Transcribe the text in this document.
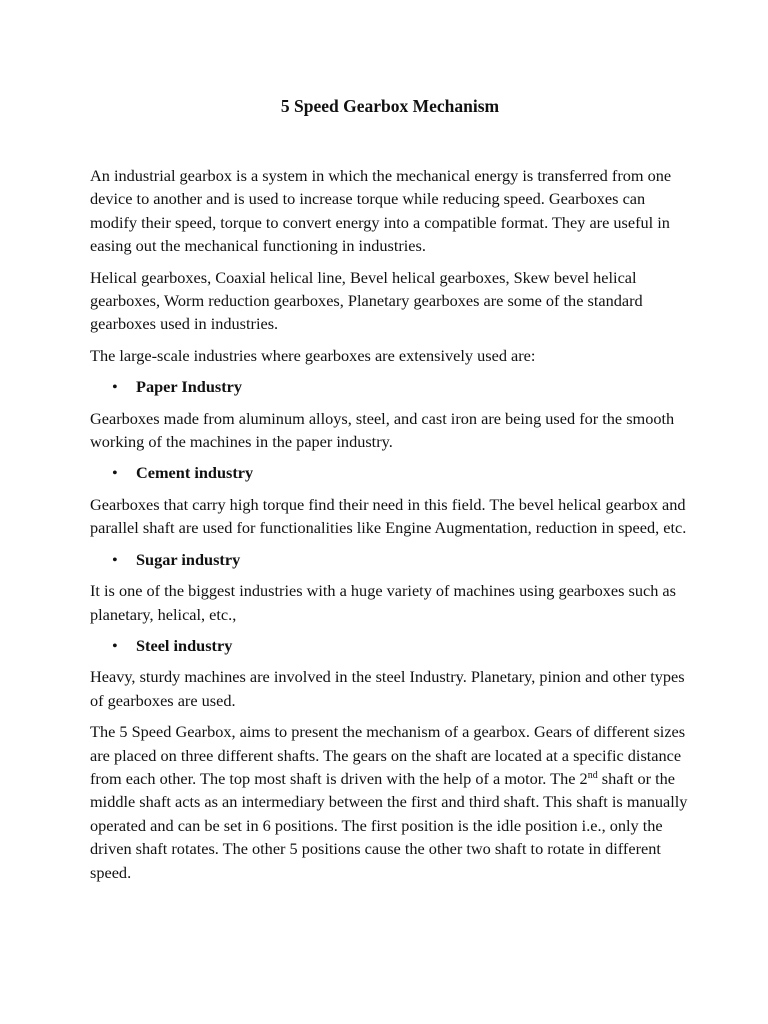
5 Speed Gearbox Mechanism

An industrial gearbox is a system in which the mechanical energy is transferred from one device to another and is used to increase torque while reducing speed. Gearboxes can modify their speed, torque to convert energy into a compatible format. They are useful in easing out the mechanical functioning in industries.

Helical gearboxes, Coaxial helical line, Bevel helical gearboxes, Skew bevel helical gearboxes, Worm reduction gearboxes, Planetary gearboxes are some of the standard gearboxes used in industries.

The large-scale industries where gearboxes are extensively used are:

•	Paper Industry

Gearboxes made from aluminum alloys, steel, and cast iron are being used for the smooth working of the machines in the paper industry.

•	Cement industry

Gearboxes that carry high torque find their need in this field. The bevel helical gearbox and parallel shaft are used for functionalities like Engine Augmentation, reduction in speed, etc.

•	Sugar industry

It is one of the biggest industries with a huge variety of machines using gearboxes such as planetary, helical, etc.,

•	Steel industry

Heavy, sturdy machines are involved in the steel Industry. Planetary, pinion and other types of gearboxes are used.

The 5 Speed Gearbox, aims to present the mechanism of a gearbox. Gears of different sizes are placed on three different shafts. The gears on the shaft are located at a specific distance from each other. The top most shaft is driven with the help of a motor. The 2nd shaft or the middle shaft acts as an intermediary between the first and third shaft. This shaft is manually operated and can be set in 6 positions. The first position is the idle position i.e., only the driven shaft rotates. The other 5 positions cause the other two shaft to rotate in different speed.
